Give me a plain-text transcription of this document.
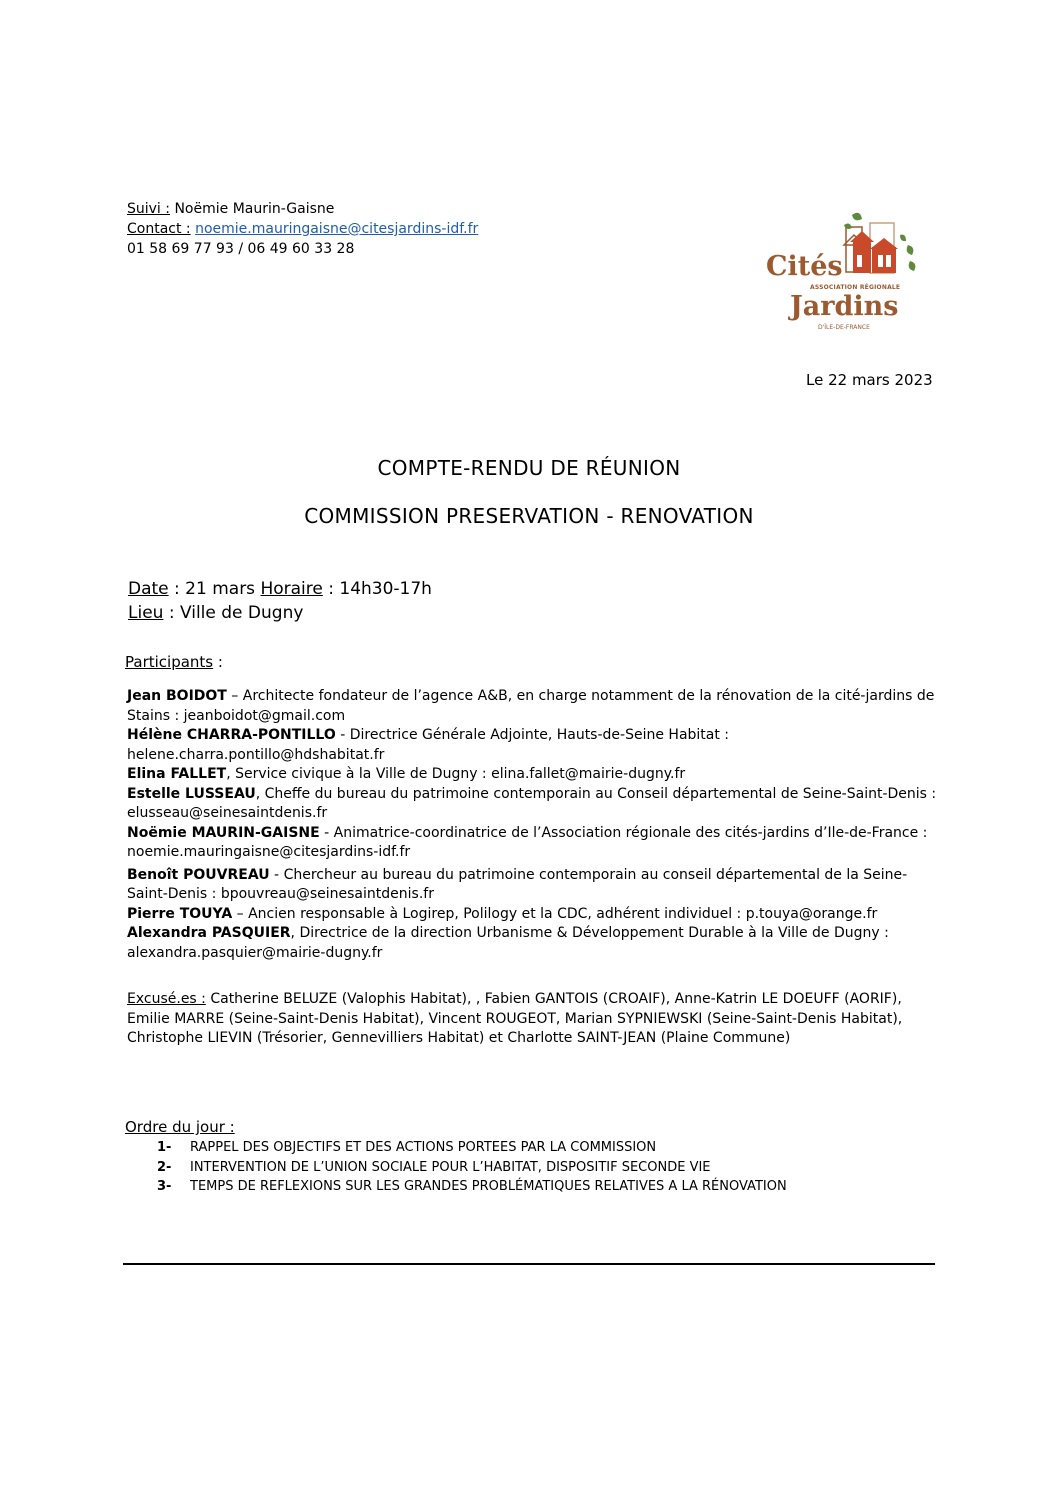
Suivi : Noëmie Maurin-Gaisne
Contact : noemie.mauringaisne@citesjardins-idf.fr
01 58 69 77 93 / 06 49 60 33 28
Cités
ASSOCIATION RÉGIONALE
Jardins
D'ÎLE-DE-FRANCE
Le 22 mars 2023
COMPTE-RENDU DE RÉUNION
COMMISSION PRESERVATION - RENOVATION
Date : 21 mars Horaire : 14h30-17h
Lieu : Ville de Dugny
Participants :

Jean BOIDOT – Architecte fondateur de l’agence A&B, en charge notamment de la rénovation de la cité-jardins de Stains : jeanboidot@gmail.com

Hélène CHARRA-PONTILLO - Directrice Générale Adjointe, Hauts-de-Seine Habitat : helene.charra.pontillo@hdshabitat.fr

Elina FALLET, Service civique à la Ville de Dugny : elina.fallet@mairie-dugny.fr

Estelle LUSSEAU, Cheffe du bureau du patrimoine contemporain au Conseil départemental de Seine-Saint-Denis : elusseau@seinesaintdenis.fr

Noëmie MAURIN-GAISNE - Animatrice-coordinatrice de l’Association régionale des cités-jardins d’Ile-de-France : noemie.mauringaisne@citesjardins-idf.fr

Benoît POUVREAU - Chercheur au bureau du patrimoine contemporain au conseil départemental de la Seine-Saint-Denis : bpouvreau@seinesaintdenis.fr

Pierre TOUYA – Ancien responsable à Logirep, Polilogy et la CDC, adhérent individuel : p.touya@orange.fr

Alexandra PASQUIER, Directrice de la direction Urbanisme & Développement Durable à la Ville de Dugny : alexandra.pasquier@mairie-dugny.fr

Excusé.es : Catherine BELUZE (Valophis Habitat), , Fabien GANTOIS (CROAIF), Anne-Katrin LE DOEUFF (AORIF), Emilie MARRE (Seine-Saint-Denis Habitat), Vincent ROUGEOT, Marian SYPNIEWSKI (Seine-Saint-Denis Habitat), Christophe LIEVIN (Trésorier, Gennevilliers Habitat) et Charlotte SAINT-JEAN (Plaine Commune)
Ordre du jour :
1-	RAPPEL DES OBJECTIFS ET DES ACTIONS PORTEES PAR LA COMMISSION
2-	INTERVENTION DE L’UNION SOCIALE POUR L’HABITAT, DISPOSITIF SECONDE VIE
3-	TEMPS DE REFLEXIONS SUR LES GRANDES PROBLÉMATIQUES RELATIVES A LA RÉNOVATION
